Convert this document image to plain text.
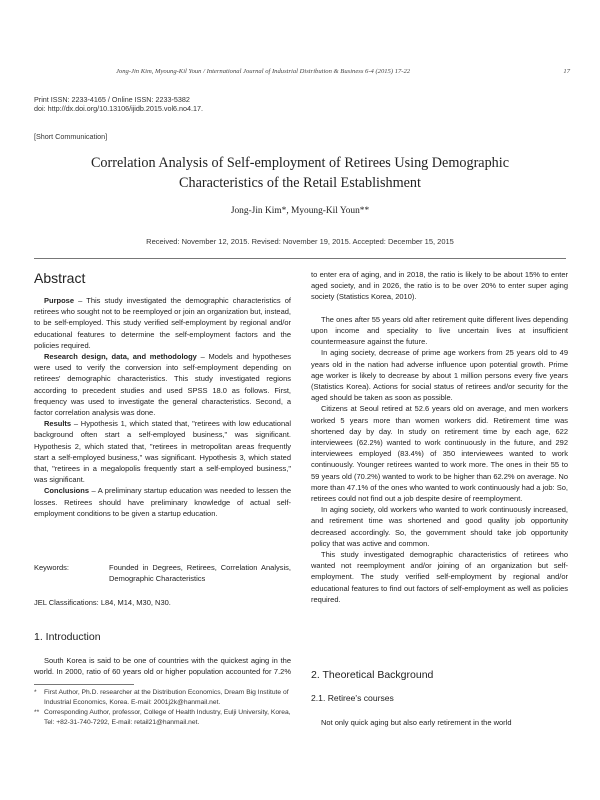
Jong-Jin Kim, Myoung-Kil Youn / International Journal of Industrial Distribution & Business 6-4 (2015) 17-22	17
Print ISSN: 2233-4165 / Online ISSN: 2233-5382
doi: http://dx.doi.org/10.13106/ijidb.2015.vol6.no4.17.
[Short Communication]
Correlation Analysis of Self-employment of Retirees Using Demographic
Characteristics of the Retail Establishment
Jong-Jin Kim*, Myoung-Kil Youn**
Received: November 12, 2015. Revised: November 19, 2015. Accepted: December 15, 2015
Abstract

Purpose – This study investigated the demographic characteristics of retirees who sought not to be reemployed or join an organization but, instead, to be self-employed. This study verified self-employment by regional and/or educational features to determine the self-employment factors and the policies required.

Research design, data, and methodology – Models and hypotheses were used to verify the conversion into self-employment depending on retirees' demographic characteristics. This study investigated regions according to precedent studies and used SPSS 18.0 as follows. First, frequency was used to investigate the general characteristics. Second, a factor correlation analysis was done.

Results – Hypothesis 1, which stated that, "retirees with low educational background often start a self-employed business," was significant. Hypothesis 2, which stated that, "retirees in metropolitan areas frequently start a self-employed business," was significant. Hypothesis 3, which stated that, "retirees in a megalopolis frequently start a self-employed business," was significant.

Conclusions – A preliminary startup education was needed to lessen the losses. Retirees should have preliminary knowledge of actual self-employment conditions to be given a startup education.

Keywords:	Founded in Degrees, Retirees, Correlation Analysis, Demographic Characteristics
JEL Classifications: L84, M14, M30, N30.
1. Introduction

South Korea is said to be one of countries with the quickest aging in the world. In 2000, ratio of 60 years old or higher population accounted for 7.2%

*	First Author, Ph.D. researcher at the Distribution Economics, Dream Big Institute of Industrial Economics, Korea. E-mail: 2001j2k@hanmail.net.
** Corresponding Author, professor, College of Health Industry, Eulji University, Korea, Tel: +82-31-740-7292, E-mail: retail21@hanmail.net.

to enter era of aging, and in 2018, the ratio is likely to be about 15% to enter aged society, and in 2026, the ratio is to be over 20% to enter super aging society (Statistics Korea, 2010).

The ones after 55 years old after retirement quite different lives depending upon income and speciality to live uncertain lives at insufficient countermeasure against the future.

In aging society, decrease of prime age workers from 25 years old to 49 years old in the nation had adverse influence upon potential growth. Prime age worker is likely to decrease by about 1 million persons every five years (Statistics Korea). Actions for social status of retirees and/or security for the aged should be taken as soon as possible.

Citizens at Seoul retired at 52.6 years old on average, and men workers worked 5 years more than women workers did. Retirement time was shortened day by day. In study on retirement time by each age, 622 interviewees (62.2%) wanted to work continuously in the future, and 292 interviewees employed (83.4%) of 350 interviewees wanted to work continuously. Younger retirees wanted to work more. The ones in their 55 to 59 years old (70.2%) wanted to work to be higher than 62.2% on average. No more than 47.1% of the ones who wanted to work continuously had a job: So, retirees could not find out a job despite desire of reemployment.

In aging society, old workers who wanted to work continuously increased, and retirement time was shortened and good quality job opportunity decreased accordingly. So, the government should take job opportunity policy that was active and common.

This study investigated demographic characteristics of retirees who wanted not reemployment and/or joining of an organization but self-employment. The study verified self-employment by regional and/or educational features to find out factors of self-employment as well as policies required.

2. Theoretical Background
2.1. Retiree's courses

Not only quick aging but also early retirement in the world
